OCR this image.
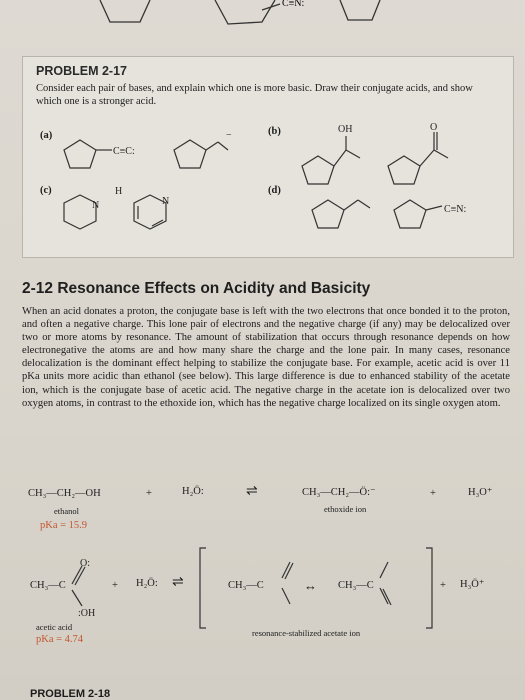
C≡N:
PROBLEM 2-17
Consider each pair of bases, and explain which one is more basic. Draw their conjugate acids, and show which one is a stronger acid.
(a)	(b)
(c)	(d)
C≡C:
−
OH	O
H
N	N
C≡N:
2-12 Resonance Effects on Acidity and Basicity

When an acid donates a proton, the conjugate base is left with the two electrons that once bonded it to the proton, and often a negative charge. This lone pair of electrons and the negative charge (if any) may be delocalized over two or more atoms by resonance. The amount of stabilization that occurs through resonance depends on how electronegative the atoms are and how many share the charge and the lone pair. In many cases, resonance delocalization is the dominant effect helping to stabilize the conjugate base. For example, acetic acid is over 11 pKa units more acidic than ethanol (see below). This large difference is due to enhanced stability of the acetate ion, which is the conjugate base of acetic acid. The negative charge in the acetate ion is delocalized over two oxygen atoms, in contrast to the ethoxide ion, which has the negative charge localized on its single oxygen atom.

CH₃—CH₂—OH	+	H₂Ö:	⇌	CH₃—CH₂—Ö:⁻	+	H₃O⁺
ethanol
pKa = 15.9
ethoxide ion
O:
:OH
CH₃—C	+ H₂Ö: ⇌	CH₃—C	↔ CH₃—C	+ H₃Ö⁺
acetic acid
pKa = 4.74
resonance-stabilized acetate ion
PROBLEM 2-18
